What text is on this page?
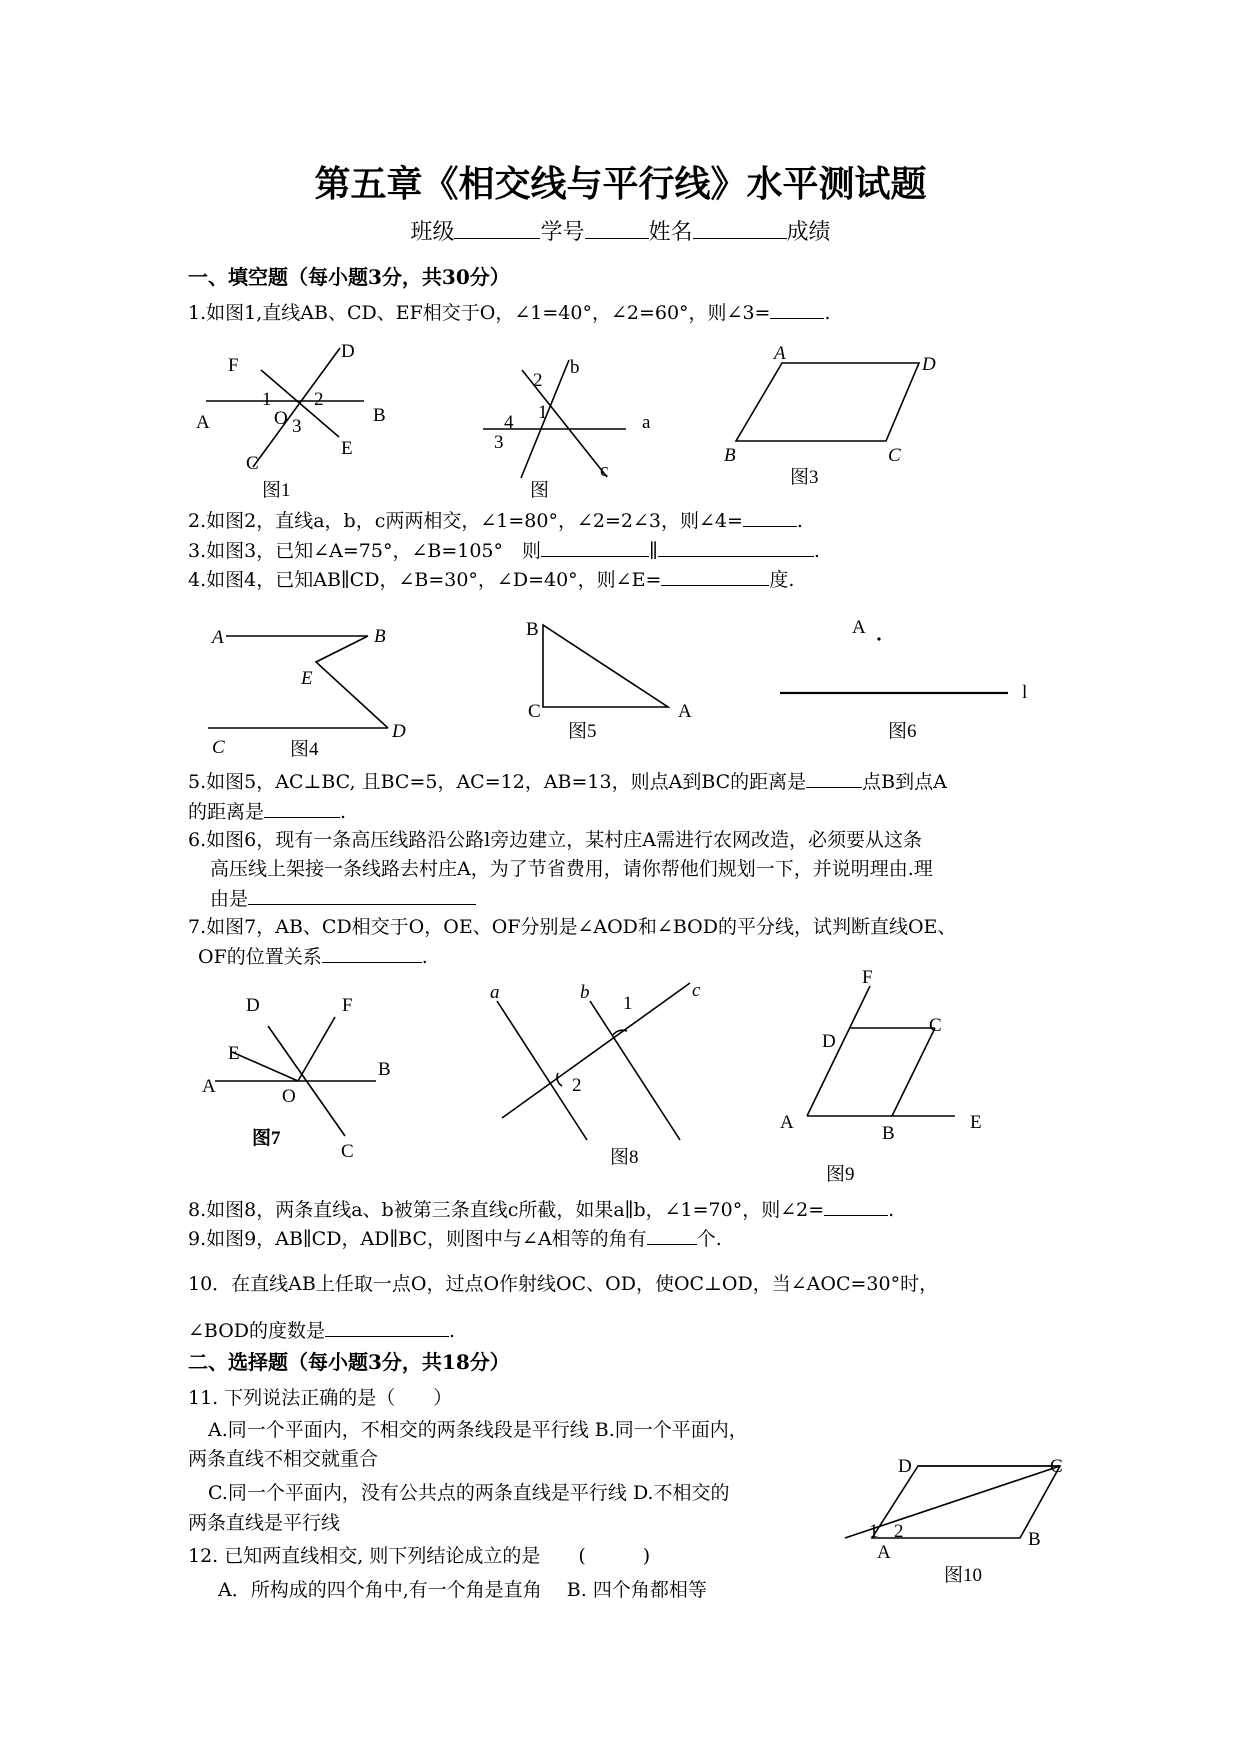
第五章《相交线与平行线》水平测试题
班级	学号	姓名	成绩
一、填空题（每小题3分，共30分）
1.如图1,直线AB、CD、EF相交于O，∠1=40°，∠2=60°，则∠3=	.
2.如图2，直线a，b，c两两相交，∠1=80°，∠2=2∠3，则∠4=	.
3.如图3，已知∠A=75°，∠B=105°　则	∥	.
4.如图4，已知AB∥CD，∠B=30°，∠D=40°，则∠E=	度.
5.如图5，AC⊥BC, 且BC=5，AC=12，AB=13，则点A到BC的距离是	点B到点A
的距离是	.
6.如图6，现有一条高压线路沿公路l旁边建立，某村庄A需进行农网改造，必须要从这条
高压线上架接一条线路去村庄A，为了节省费用，请你帮他们规划一下，并说明理由.理
由是
7.如图7，AB、CD相交于O，OE、OF分别是∠AOD和∠BOD的平分线，试判断直线OE、
OF的位置关系	.
8.如图8，两条直线a、b被第三条直线c所截，如果a∥b，∠1=70°，则∠2=	.
9.如图9，AB∥CD，AD∥BC，则图中与∠A相等的角有	个.
10．在直线AB上任取一点O，过点O作射线OC、OD，使OC⊥OD，当∠AOC=30°时，
∠BOD的度数是	.
二、选择题（每小题3分，共18分）
11. 下列说法正确的是（　　）
A.同一个平面内，不相交的两条线段是平行线 B.同一个平面内，
两条直线不相交就重合
C.同一个平面内，没有公共点的两条直线是平行线 D.不相交的
两条直线是平行线
12. 已知两直线相交, 则下列结论成立的是　　(　　　)
A．所构成的四个角中,有一个角是直角　 B. 四个角都相等
F
D
1 2
A	O 3
B
E
C
图1
2
b
1
4	a
3
c
图
A
D
B	C
图3
A	B
E
C
D
图4
B
C	A
图5
A
l
图6
D	F
E
A	O
B
C
图7
a	b
1
c
2
图8
F
D
C
A
B
E
图9
D	C
1 2	B
A
图10
